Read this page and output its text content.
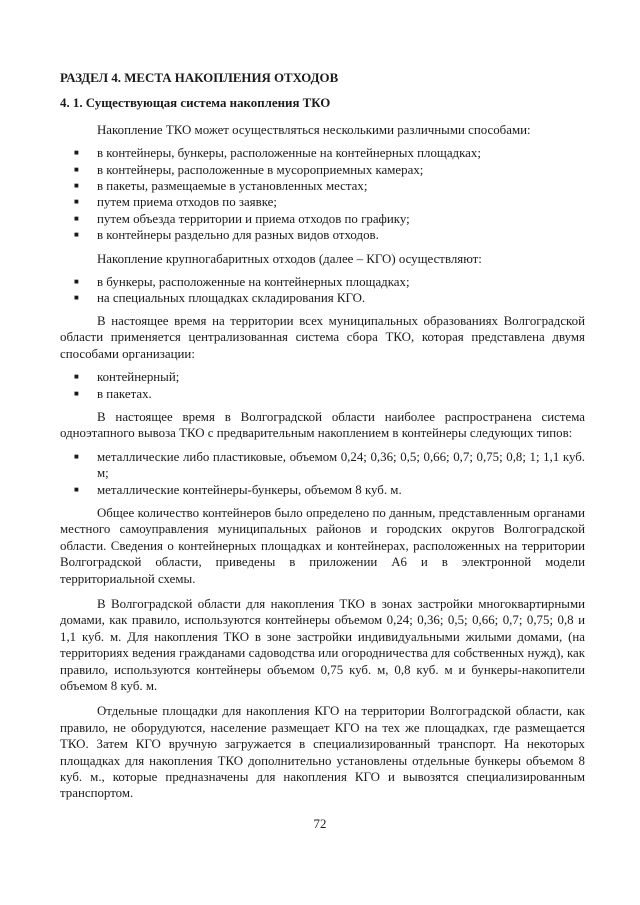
РАЗДЕЛ 4. МЕСТА НАКОПЛЕНИЯ ОТХОДОВ
4. 1. Существующая система накопления ТКО
Накопление ТКО может осуществляться несколькими различными способами:
■ в контейнеры, бункеры, расположенные на контейнерных площадках;
■ в контейнеры, расположенные в мусороприемных камерах;
■ в пакеты, размещаемые в установленных местах;
■ путем приема отходов по заявке;
■ путем объезда территории и приема отходов по графику;
■ в контейнеры раздельно для разных видов отходов.
Накопление крупногабаритных отходов (далее – КГО) осуществляют:
■ в бункеры, расположенные на контейнерных площадках;
■ на специальных площадках складирования КГО.
В настоящее время на территории всех муниципальных образованиях Волгоградской области применяется централизованная система сбора ТКО, которая представлена двумя способами организации:
■ контейнерный;
■ в пакетах.
В настоящее время в Волгоградской области наиболее распространена система одноэтапного вывоза ТКО с предварительным накоплением в контейнеры следующих типов:
■ металлические либо пластиковые, объемом 0,24; 0,36; 0,5; 0,66; 0,7; 0,75; 0,8; 1; 1,1 куб. м;
■ металлические контейнеры-бункеры, объемом 8 куб. м.
Общее количество контейнеров было определено по данным, представленным органами местного самоуправления муниципальных районов и городских округов Волгоградской области. Сведения о контейнерных площадках и контейнерах, расположенных на территории Волгоградской области, приведены в приложении А6 и в электронной модели территориальной схемы.
В Волгоградской области для накопления ТКО в зонах застройки многоквартирными домами, как правило, используются контейнеры объемом 0,24; 0,36; 0,5; 0,66; 0,7; 0,75; 0,8 и 1,1 куб. м. Для накопления ТКО в зоне застройки индивидуальными жилыми домами, (на территориях ведения гражданами садоводства или огородничества для собственных нужд), как правило, используются контейнеры объемом 0,75 куб. м, 0,8 куб. м и бункеры-накопители объемом 8 куб. м.
Отдельные площадки для накопления КГО на территории Волгоградской области, как правило, не оборудуются, население размещает КГО на тех же площадках, где размещается ТКО. Затем КГО вручную загружается в специализированный транспорт. На некоторых площадках для накопления ТКО дополнительно установлены отдельные бункеры объемом 8 куб. м., которые предназначены для накопления КГО и вывозятся специализированным транспортом.
72
